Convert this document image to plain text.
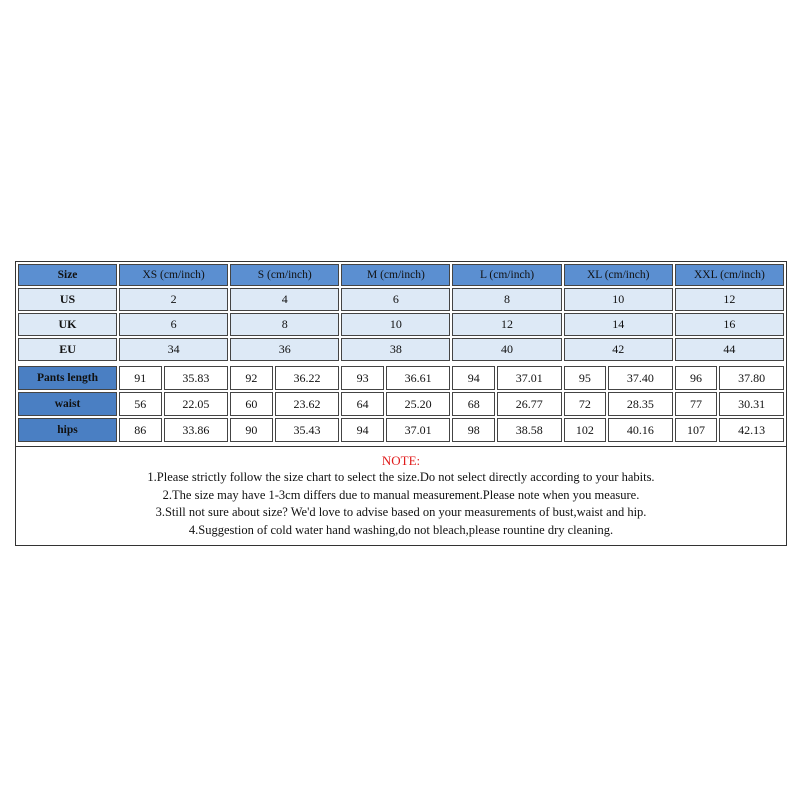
Size	XS (cm/inch)		S (cm/inch)		M (cm/inch)		L (cm/inch)		XL (cm/inch)		XXL (cm/inch)	
US	2		4		6		8		10		12	
UK	6		8		10		12		14		16	
EU	34		36		38		40		42		44	

Pants length	91	35.83	92	36.22	93	36.61	94	37.01	95	37.40	96	37.80
waist	56	22.05	60	23.62	64	25.20	68	26.77	72	28.35	77	30.31
hips	86	33.86	90	35.43	94	37.01	98	38.58	102	40.16	107	42.13
NOTE:
1.Please strictly follow the size chart to select the size.Do not select directly according to your habits.
2.The size may have 1-3cm differs due to manual measurement.Please note when you measure.
3.Still not sure about size? We'd love to advise based on your measurements of bust,waist and hip.
4.Suggestion of cold water hand washing,do not bleach,please rountine dry cleaning.
